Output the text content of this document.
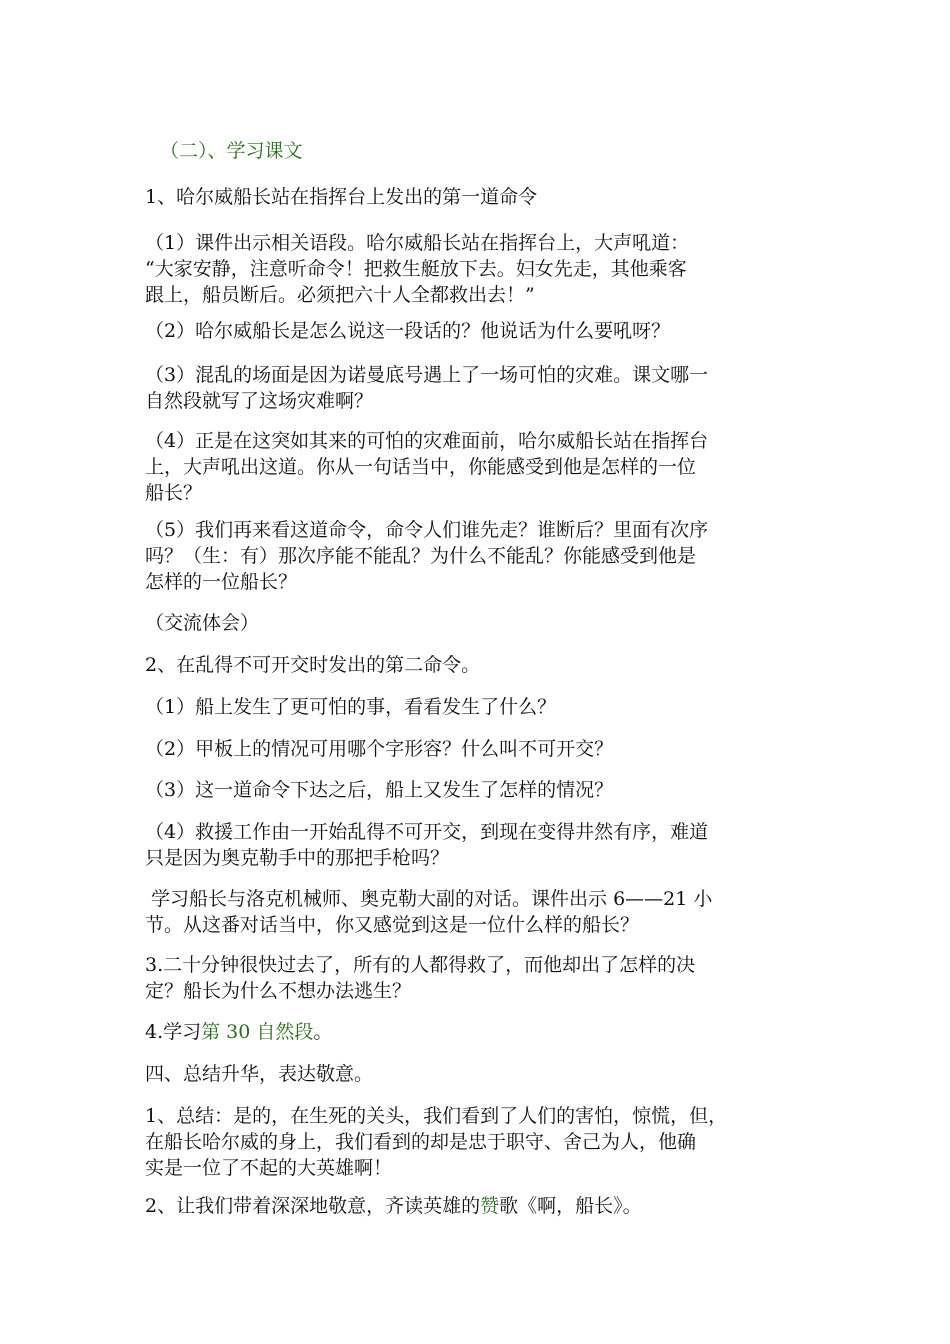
（二）、学习课文

1、哈尔威船长站在指挥台上发出的第一道命令

（1）课件出示相关语段。哈尔威船长站在指挥台上，大声吼道：
“大家安静，注意听命令！把救生艇放下去。妇女先走，其他乘客
跟上，船员断后。必须把六十人全都救出去！”

（2）哈尔威船长是怎么说这一段话的？他说话为什么要吼呀？

（3）混乱的场面是因为诺曼底号遇上了一场可怕的灾难。课文哪一
自然段就写了这场灾难啊？

（4）正是在这突如其来的可怕的灾难面前，哈尔威船长站在指挥台
上，大声吼出这道。你从一句话当中，你能感受到他是怎样的一位
船长？

（5）我们再来看这道命令，命令人们谁先走？谁断后？里面有次序
吗？（生：有）那次序能不能乱？为什么不能乱？你能感受到他是
怎样的一位船长？

（交流体会）

2、在乱得不可开交时发出的第二命令。

（1）船上发生了更可怕的事，看看发生了什么？

（2）甲板上的情况可用哪个字形容？什么叫不可开交？

（3）这一道命令下达之后，船上又发生了怎样的情况？

（4）救援工作由一开始乱得不可开交，到现在变得井然有序，难道
只是因为奥克勒手中的那把手枪吗？

学习船长与洛克机械师、奥克勒大副的对话。课件出示 6——21 小
节。从这番对话当中，你又感觉到这是一位什么样的船长？

3.二十分钟很快过去了，所有的人都得救了，而他却出了怎样的决
定？船长为什么不想办法逃生？

4.学习第 30 自然段。

四、总结升华，表达敬意。

1、总结：是的，在生死的关头，我们看到了人们的害怕，惊慌，但，
在船长哈尔威的身上，我们看到的却是忠于职守、舍己为人，他确
实是一位了不起的大英雄啊！

2、让我们带着深深地敬意，齐读英雄的赞歌《啊，船长》。
